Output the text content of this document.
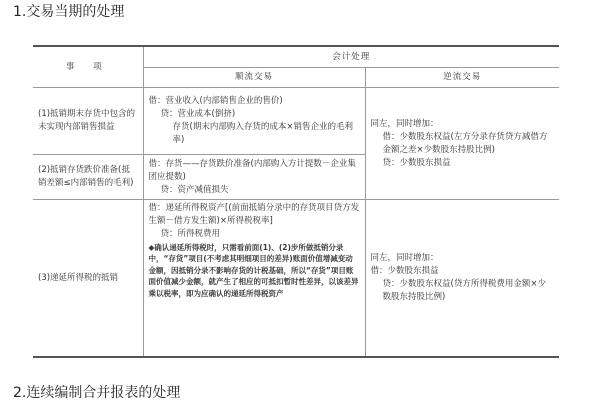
1.交易当期的处理
事 项	会计处理	
	顺流交易	逆流交易
(1)抵销期末存货中包含的未实现内部销售损益	借：营业收入(内部销售企业的售价)
贷：营业成本(倒挤)
存货(期末内部购入存货的成本×销售企业的毛利率)	同左，同时增加：
借：少数股东权益(左方分录存货贷方减借方金额之差×少数股东持股比例)
贷：少数股东损益

(2)抵销存货跌价准备(抵销差额≤内部销售的毛利)	借：存货——存货跌价准备(内部购入方计提数－企业集团应提数)
贷：资产减值损失	

(3)递延所得税的抵销	借：递延所得税资产[(前面抵销分录中的存货项目贷方发生额－借方发生额)×所得税税率]
贷：所得税费用
◆确认递延所得税时，只需看前面(1)、(2)步所做抵销分录中，“存货”项目(不考虑其明细项目的差异)账面价值增减变动金额，因抵销分录不影响存货的计税基础，所以“存货”项目账面价值减少金额，就产生了相应的可抵扣暂时性差异，以该差异乘以税率，即为应确认的递延所得税资产	同左，同时增加：
借：少数股东损益
贷：少数股东权益(贷方所得税费用金额×少数股东持股比例)
2.连续编制合并报表的处理
